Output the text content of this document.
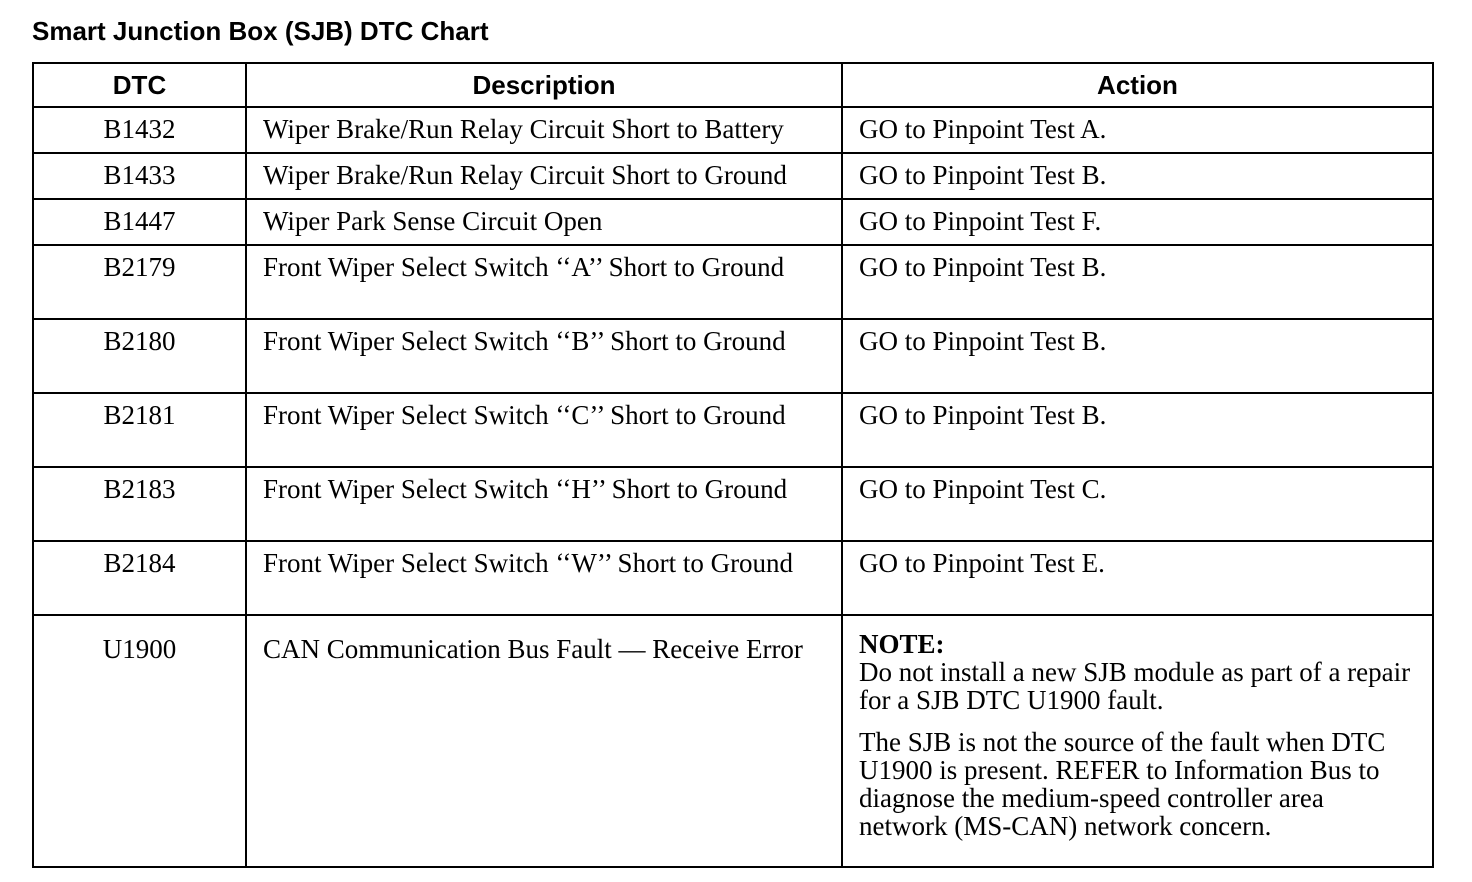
Smart Junction Box (SJB) DTC Chart
DTC	Description	Action
B1432	Wiper Brake/Run Relay Circuit Short to Battery	GO to Pinpoint Test A.
B1433	Wiper Brake/Run Relay Circuit Short to Ground	GO to Pinpoint Test B.
B1447	Wiper Park Sense Circuit Open	GO to Pinpoint Test F.
B2179	Front Wiper Select Switch ‘‘A’’ Short to Ground	GO to Pinpoint Test B.
B2180	Front Wiper Select Switch ‘‘B’’ Short to Ground	GO to Pinpoint Test B.
B2181	Front Wiper Select Switch ‘‘C’’ Short to Ground	GO to Pinpoint Test B.
B2183	Front Wiper Select Switch ‘‘H’’ Short to Ground	GO to Pinpoint Test C.
B2184	Front Wiper Select Switch ‘‘W’’ Short to Ground	GO to Pinpoint Test E.
U1900	CAN Communication Bus Fault — Receive Error	NOTE:
Do not install a new SJB module as part of a repair for a SJB DTC U1900 fault.
The SJB is not the source of the fault when DTC U1900 is present. REFER to Information Bus to diagnose the medium-speed controller area network (MS-CAN) network concern.
